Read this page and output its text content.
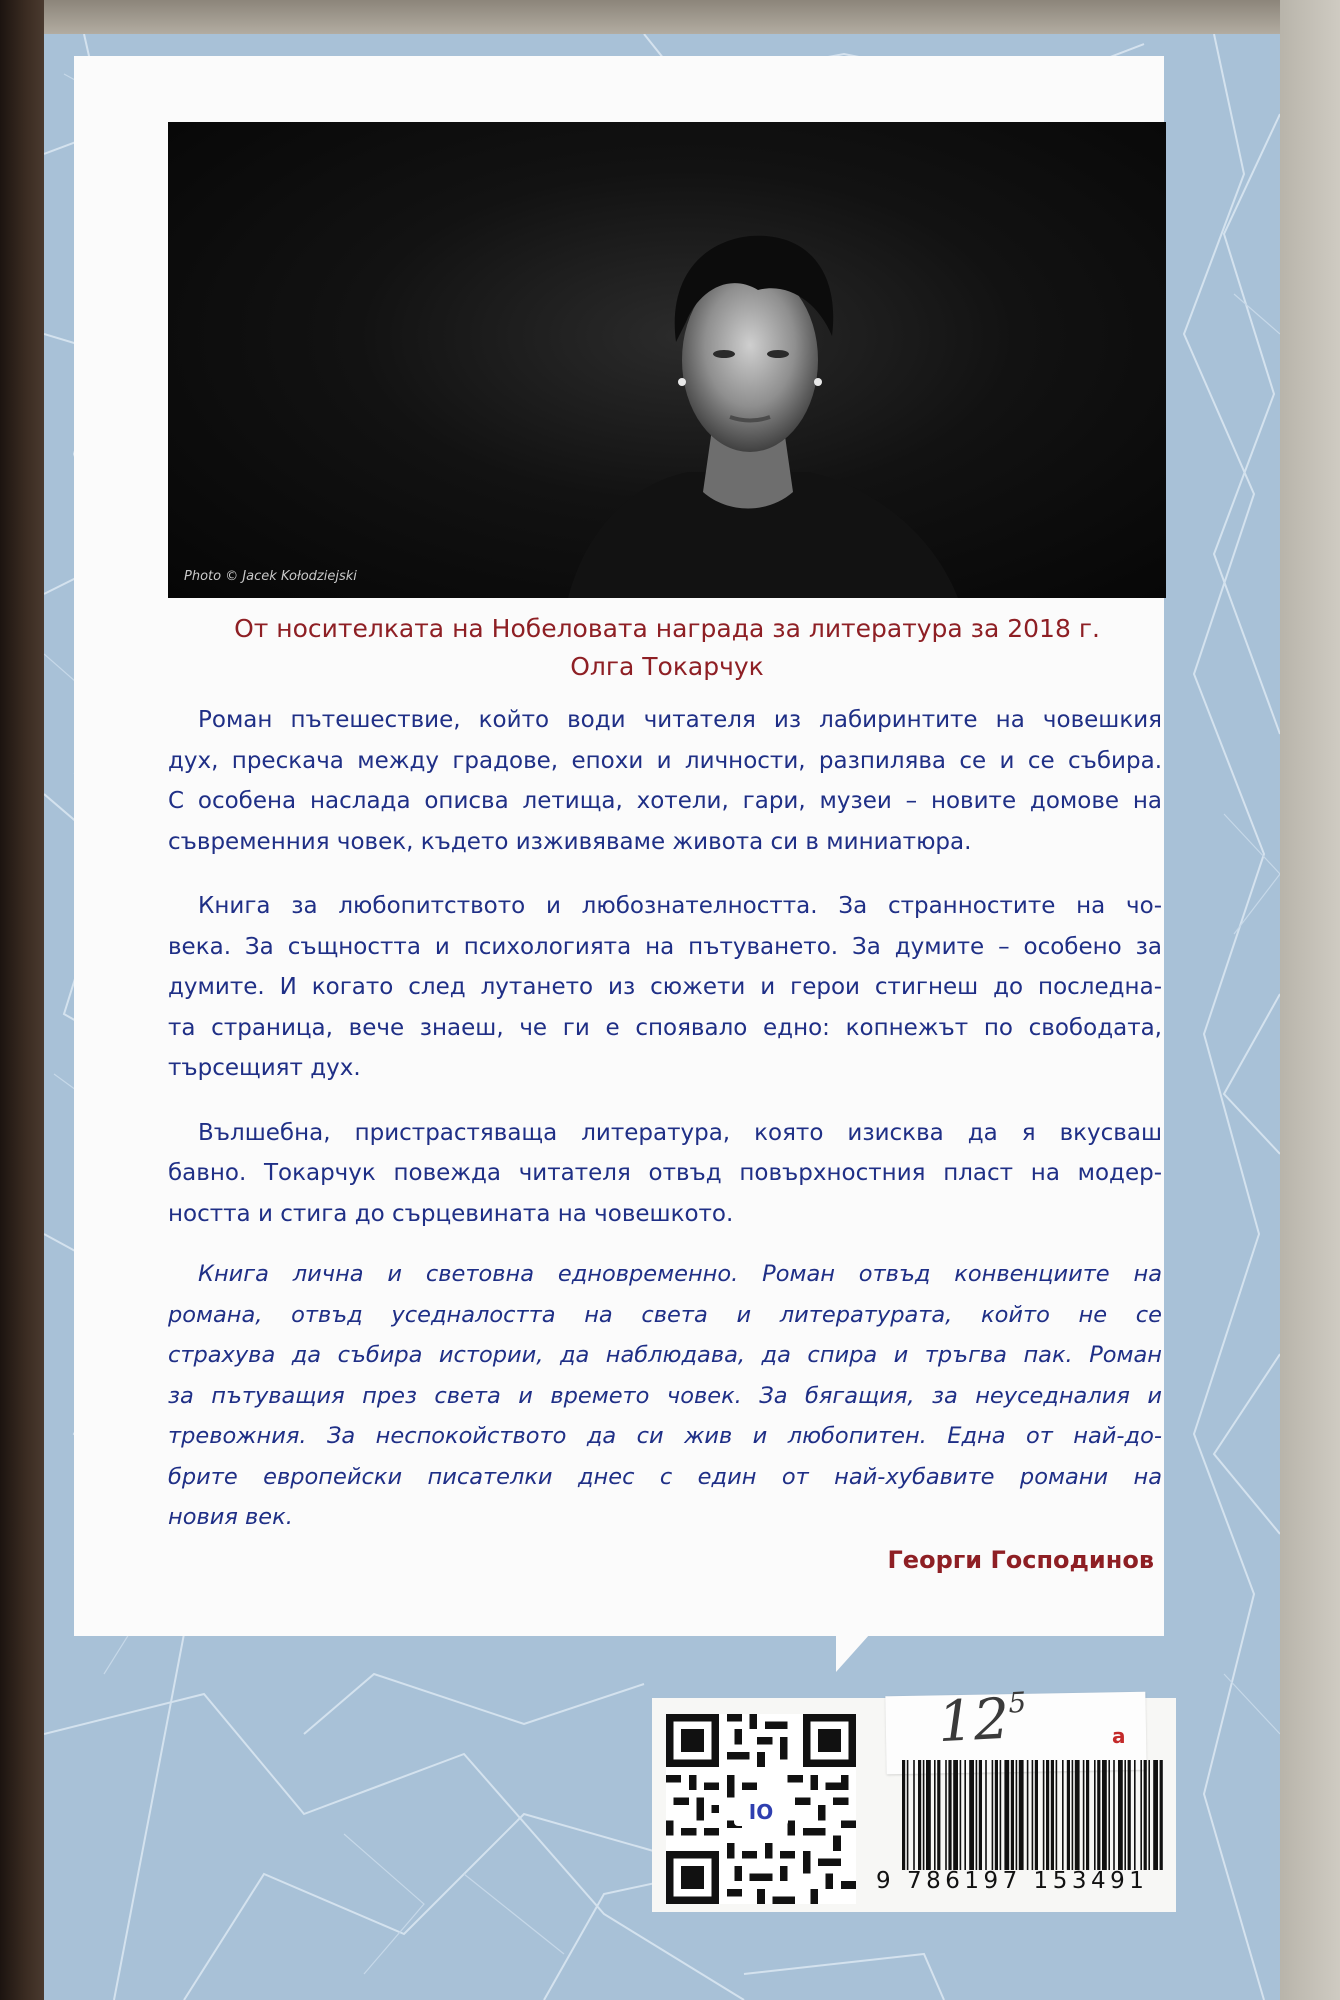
Photo © Jacek Kołodziejski
От носителката на Нобеловата награда за литература за 2018 г.
Олга Токарчук
Роман пътешествие, който води читателя из лабиринтите на човешкия
дух, прескача между градове, епохи и личности, разпилява се и се събира.
С особена наслада описва летища, хотели, гари, музеи – новите домове на
съвременния човек, където изживяваме живота си в миниатюра.
Книга за любопитството и любознателността. За странностите на чо-
века. За същността и психологията на пътуването. За думите – особено за
думите. И когато след лутането из сюжети и герои стигнеш до последна-
та страница, вече знаеш, че ги е споявало едно: копнежът по свободата,
търсещият дух.
Вълшебна, пристрастяваща литература, която изисква да я вкусваш
бавно. Токарчук повежда читателя отвъд повърхностния пласт на модер-
ността и стига до сърцевината на човешкото.
Книга лична и световна едновременно. Роман отвъд конвенциите на
романа, отвъд уседналостта на света и литературата, който не се
страхува да събира истории, да наблюдава, да спира и тръгва пак. Роман
за пътуващия през света и времето човек. За бягащия, за неуседналия и
тревожния. За неспокойството да си жив и любопитен. Една от най-до-
брите европейски писателки днес с един от най-хубавите романи на
новия век.
Георги Господинов
IO
$12^5$
a
9 786197 153491
